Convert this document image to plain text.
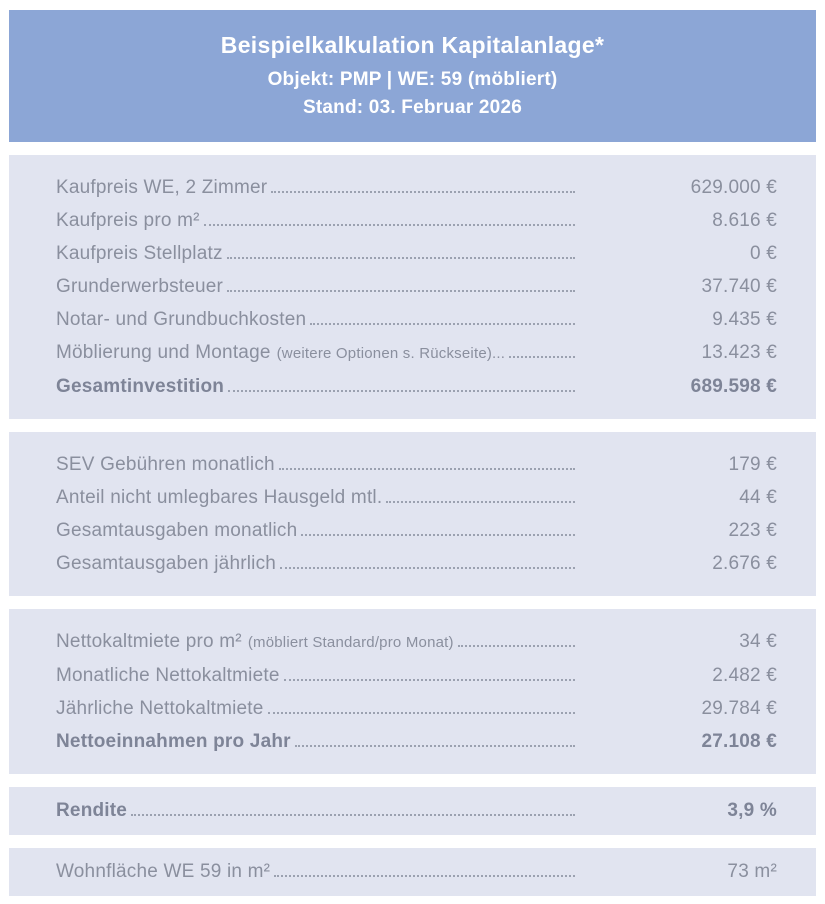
Beispielkalkulation Kapitalanlage*
Objekt: PMP | WE: 59 (möbliert)
Stand: 03. Februar 2026
Kaufpreis WE, 2 Zimmer	629.000 €
Kaufpreis pro m²	8.616 €
Kaufpreis Stellplatz	0 €
Grunderwerbsteuer	37.740 €
Notar- und Grundbuchkosten	9.435 €
Möblierung und Montage (weitere Optionen s. Rückseite)...	13.423 €
Gesamtinvestition	689.598 €
SEV Gebühren monatlich	179 €
Anteil nicht umlegbares Hausgeld mtl.	44 €
Gesamtausgaben monatlich	223 €
Gesamtausgaben jährlich	2.676 €
Nettokaltmiete pro m² (möbliert Standard/pro Monat)	34 €
Monatliche Nettokaltmiete	2.482 €
Jährliche Nettokaltmiete	29.784 €
Nettoeinnahmen pro Jahr	27.108 €
Rendite	3,9 %
Wohnfläche WE 59 in m²	73 m²
